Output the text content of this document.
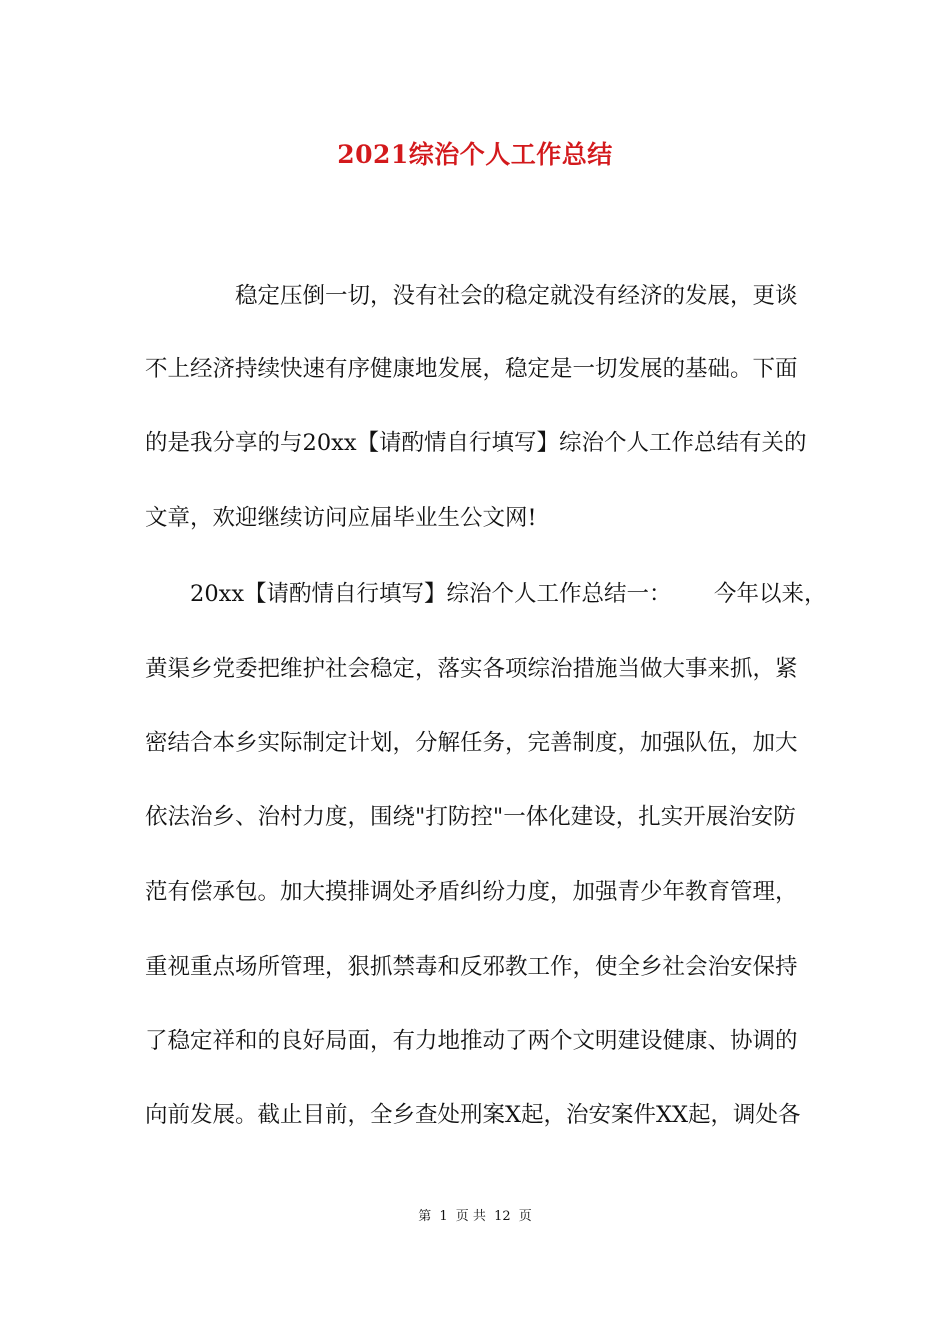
2021综治个人工作总结
稳定压倒一切，没有社会的稳定就没有经济的发展，更谈
不上经济持续快速有序健康地发展，稳定是一切发展的基础。下面
的是我分享的与20xx【请酌情自行填写】综治个人工作总结有关的
文章，欢迎继续访问应届毕业生公文网!
20xx【请酌情自行填写】综治个人工作总结一： 今年以来，
黄渠乡党委把维护社会稳定，落实各项综治措施当做大事来抓，紧
密结合本乡实际制定计划，分解任务，完善制度，加强队伍，加大
依法治乡、治村力度，围绕"打防控"一体化建设，扎实开展治安防
范有偿承包。加大摸排调处矛盾纠纷力度，加强青少年教育管理，
重视重点场所管理，狠抓禁毒和反邪教工作，使全乡社会治安保持
了稳定祥和的良好局面，有力地推动了两个文明建设健康、协调的
向前发展。截止目前，全乡查处刑案X起，治安案件XX起，调处各
第 1 页 共 12 页
